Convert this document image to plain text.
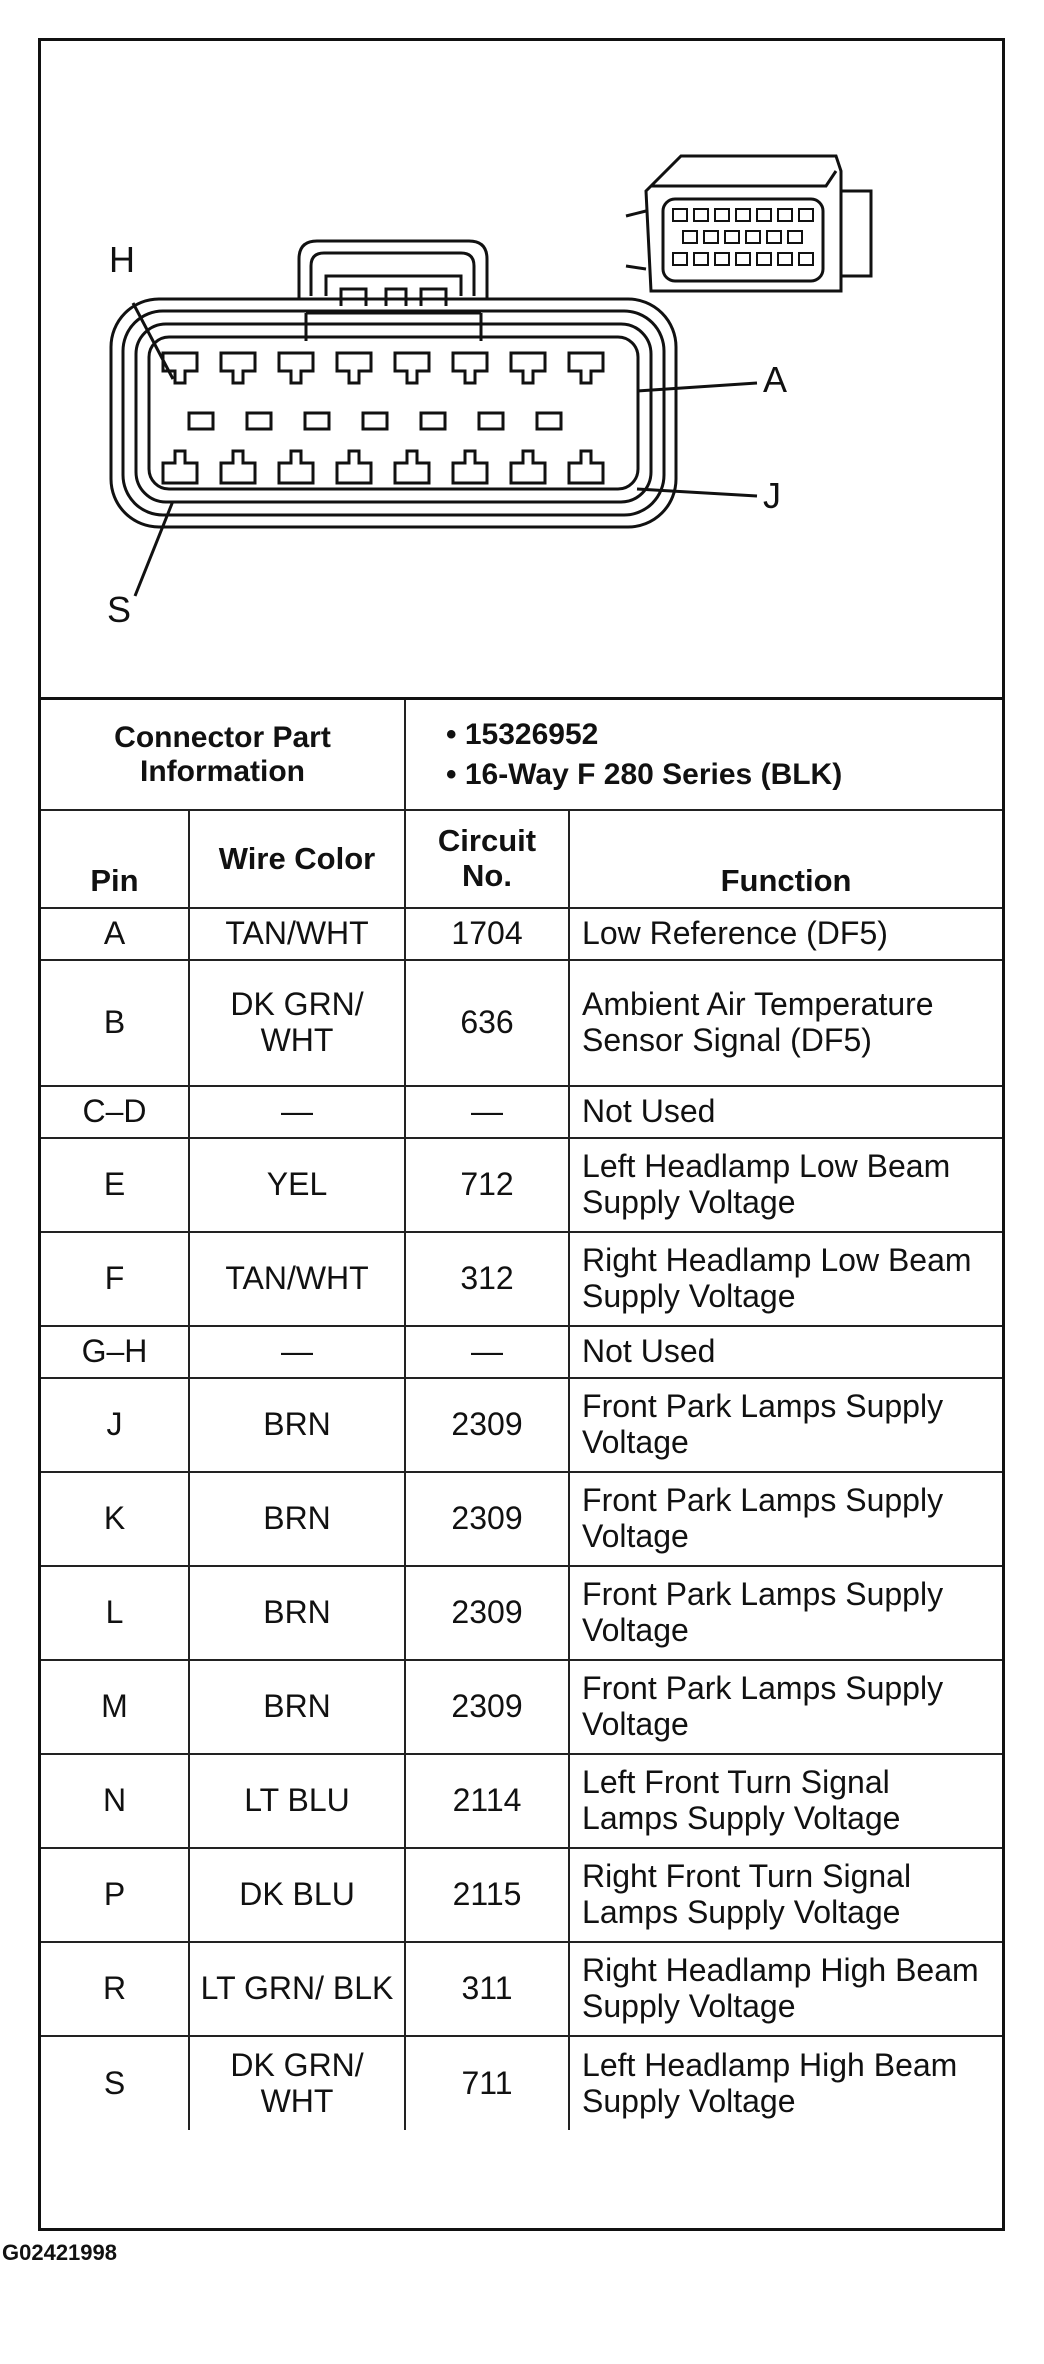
H
A
J
S
Connector Part Information		• 15326952
• 16-Way F 280 Series (BLK)	

Pin	Wire Color	Circuit No.	Function
A	TAN/WHT	1704	Low Reference (DF5)
B	DK GRN/ WHT	636	Ambient Air Temperature Sensor Signal (DF5)
C–D	—	—	Not Used
E	YEL	712	Left Headlamp Low Beam Supply Voltage
F	TAN/WHT	312	Right Headlamp Low Beam Supply Voltage
G–H	—	—	Not Used
J	BRN	2309	Front Park Lamps Supply Voltage
K	BRN	2309	Front Park Lamps Supply Voltage
L	BRN	2309	Front Park Lamps Supply Voltage
M	BRN	2309	Front Park Lamps Supply Voltage
N	LT BLU	2114	Left Front Turn Signal Lamps Supply Voltage
P	DK BLU	2115	Right Front Turn Signal Lamps Supply Voltage
R	LT GRN/ BLK	311	Right Headlamp High Beam Supply Voltage
S	DK GRN/ WHT	711	Left Headlamp High Beam Supply Voltage
G02421998
